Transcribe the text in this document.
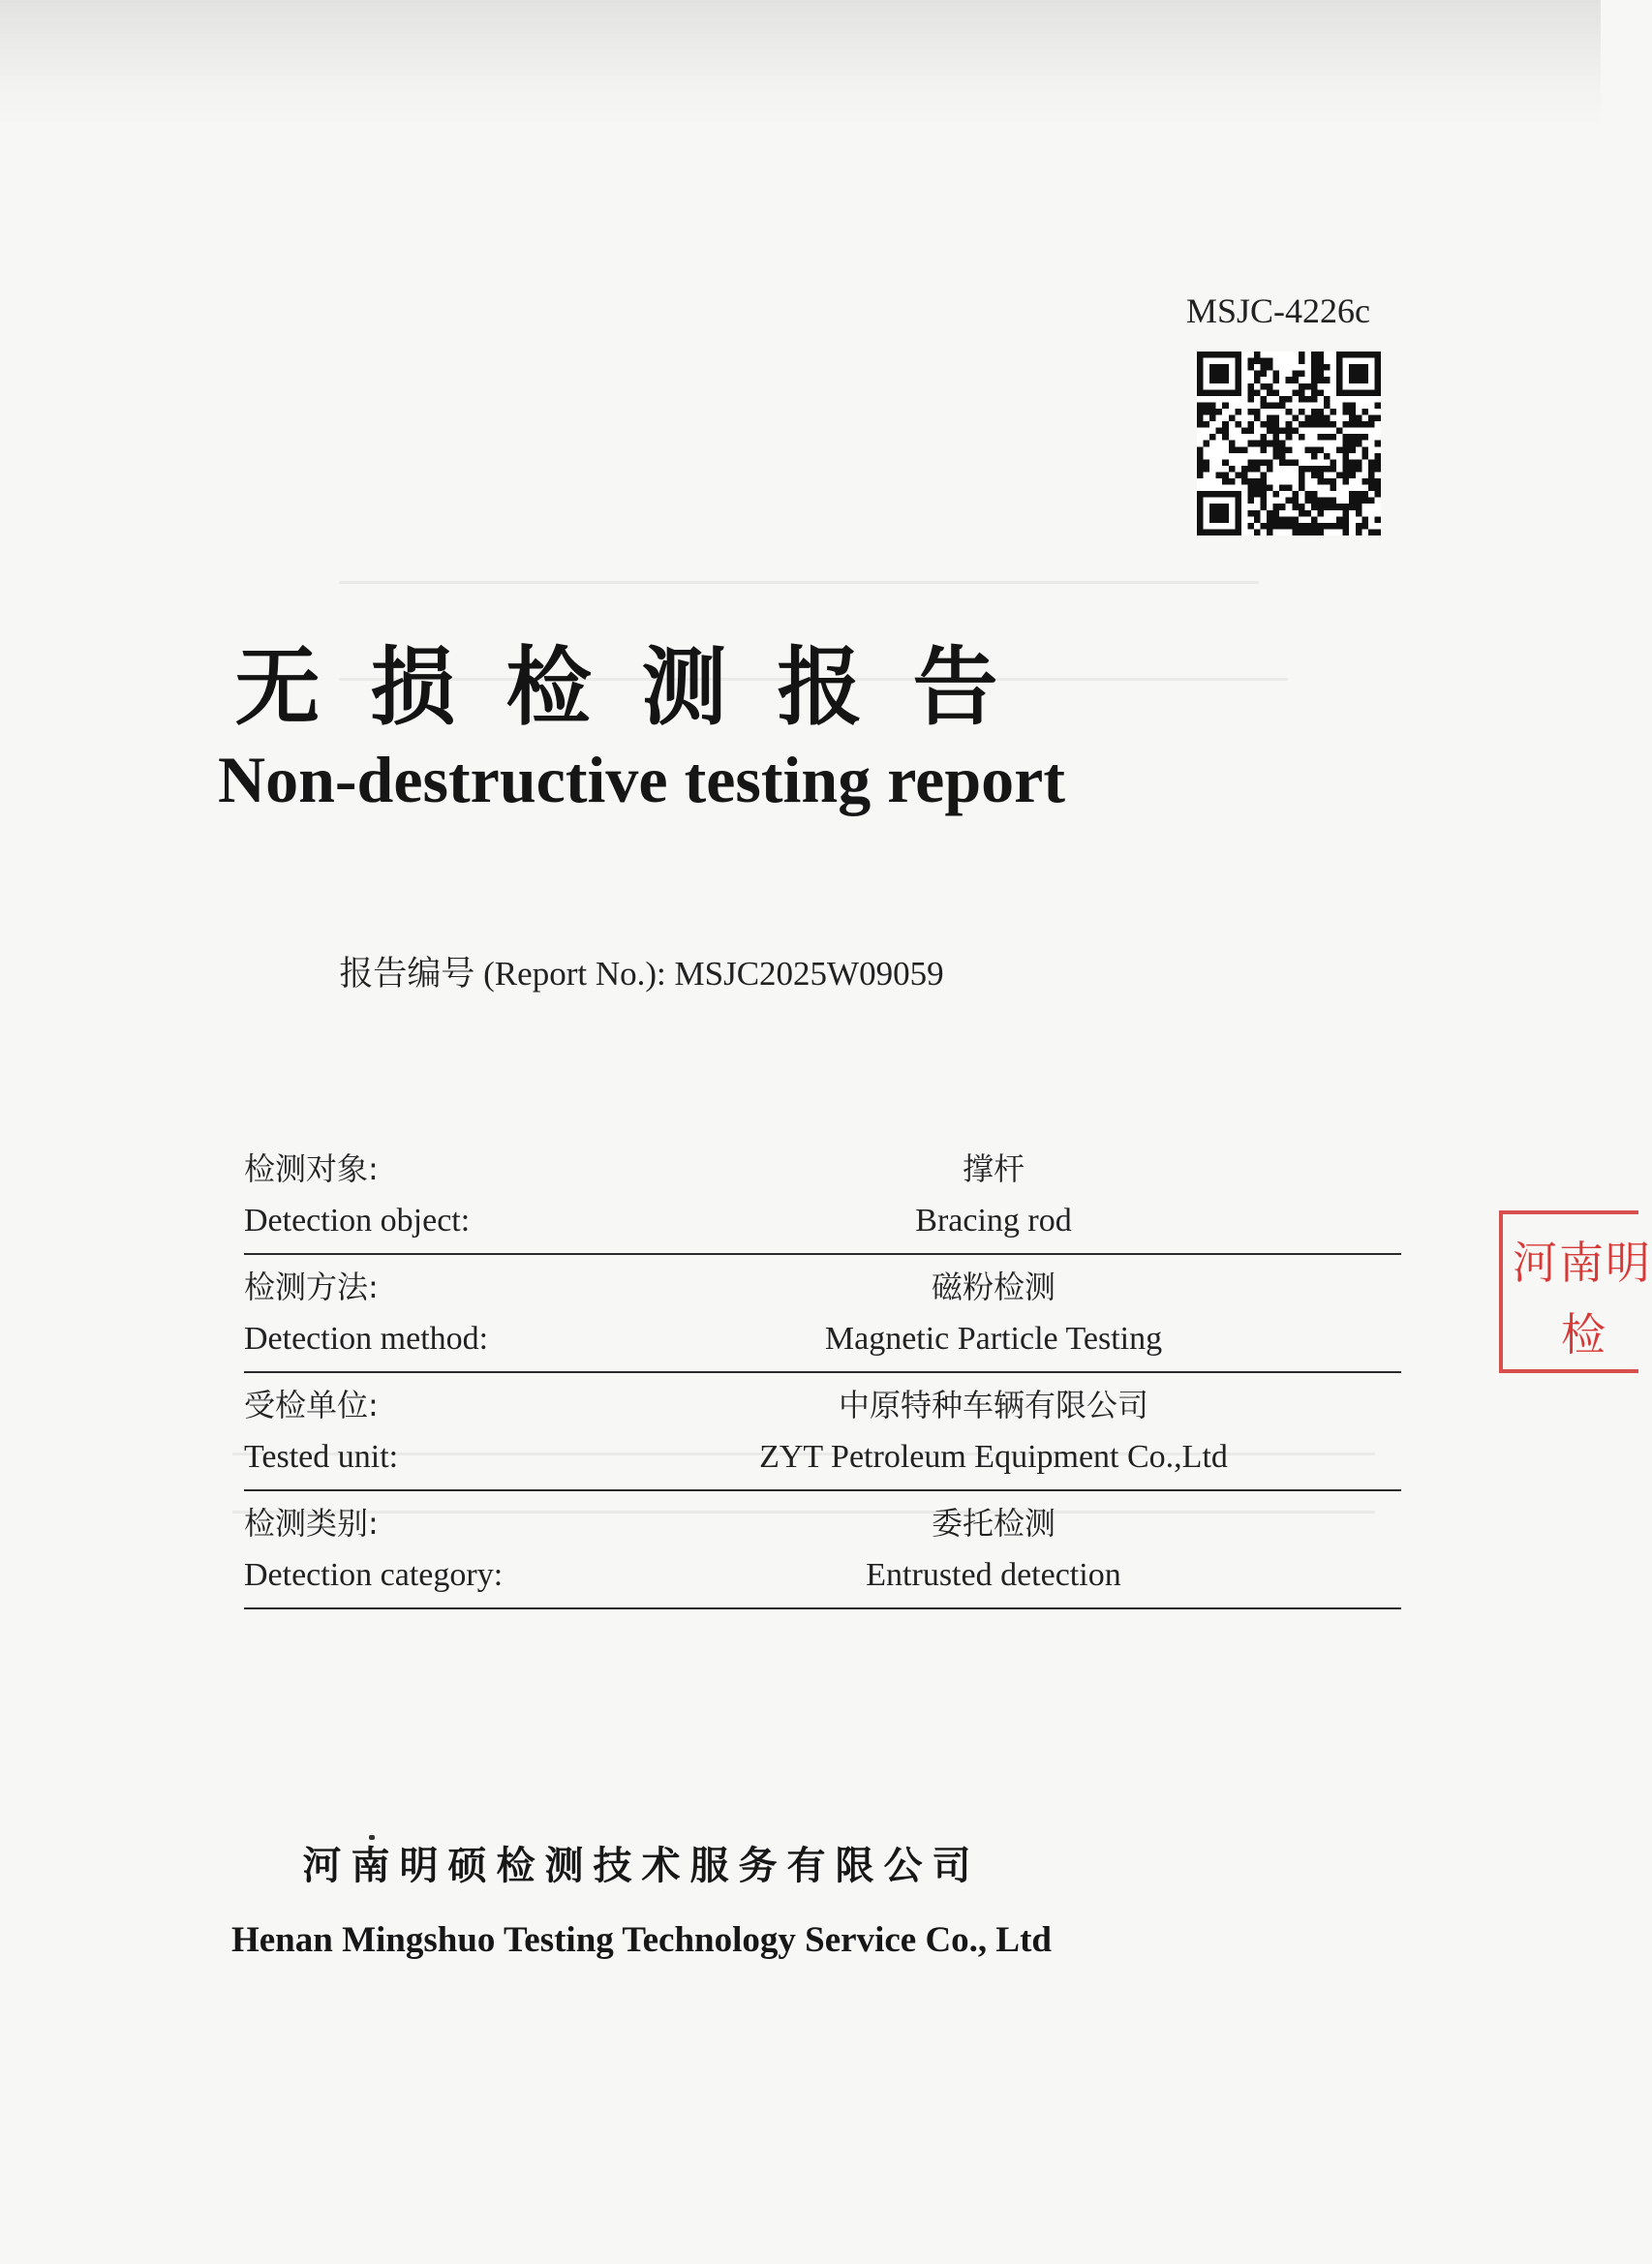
MSJC-4226c
无损检测报告
Non-destructive testing report
报告编号 (Report No.): MSJC2025W09059
检测对象:	撑杆
Detection object:	Bracing rod
检测方法:	磁粉检测
Detection method:	Magnetic Particle Testing
受检单位:	中原特种车辆有限公司
Tested unit:	ZYT Petroleum Equipment Co.,Ltd
检测类别:	委托检测
Detection category:	Entrusted detection
河南明硕检测技术服务有限公司
Henan Mingshuo Testing Technology Service Co., Ltd
河南明
检
